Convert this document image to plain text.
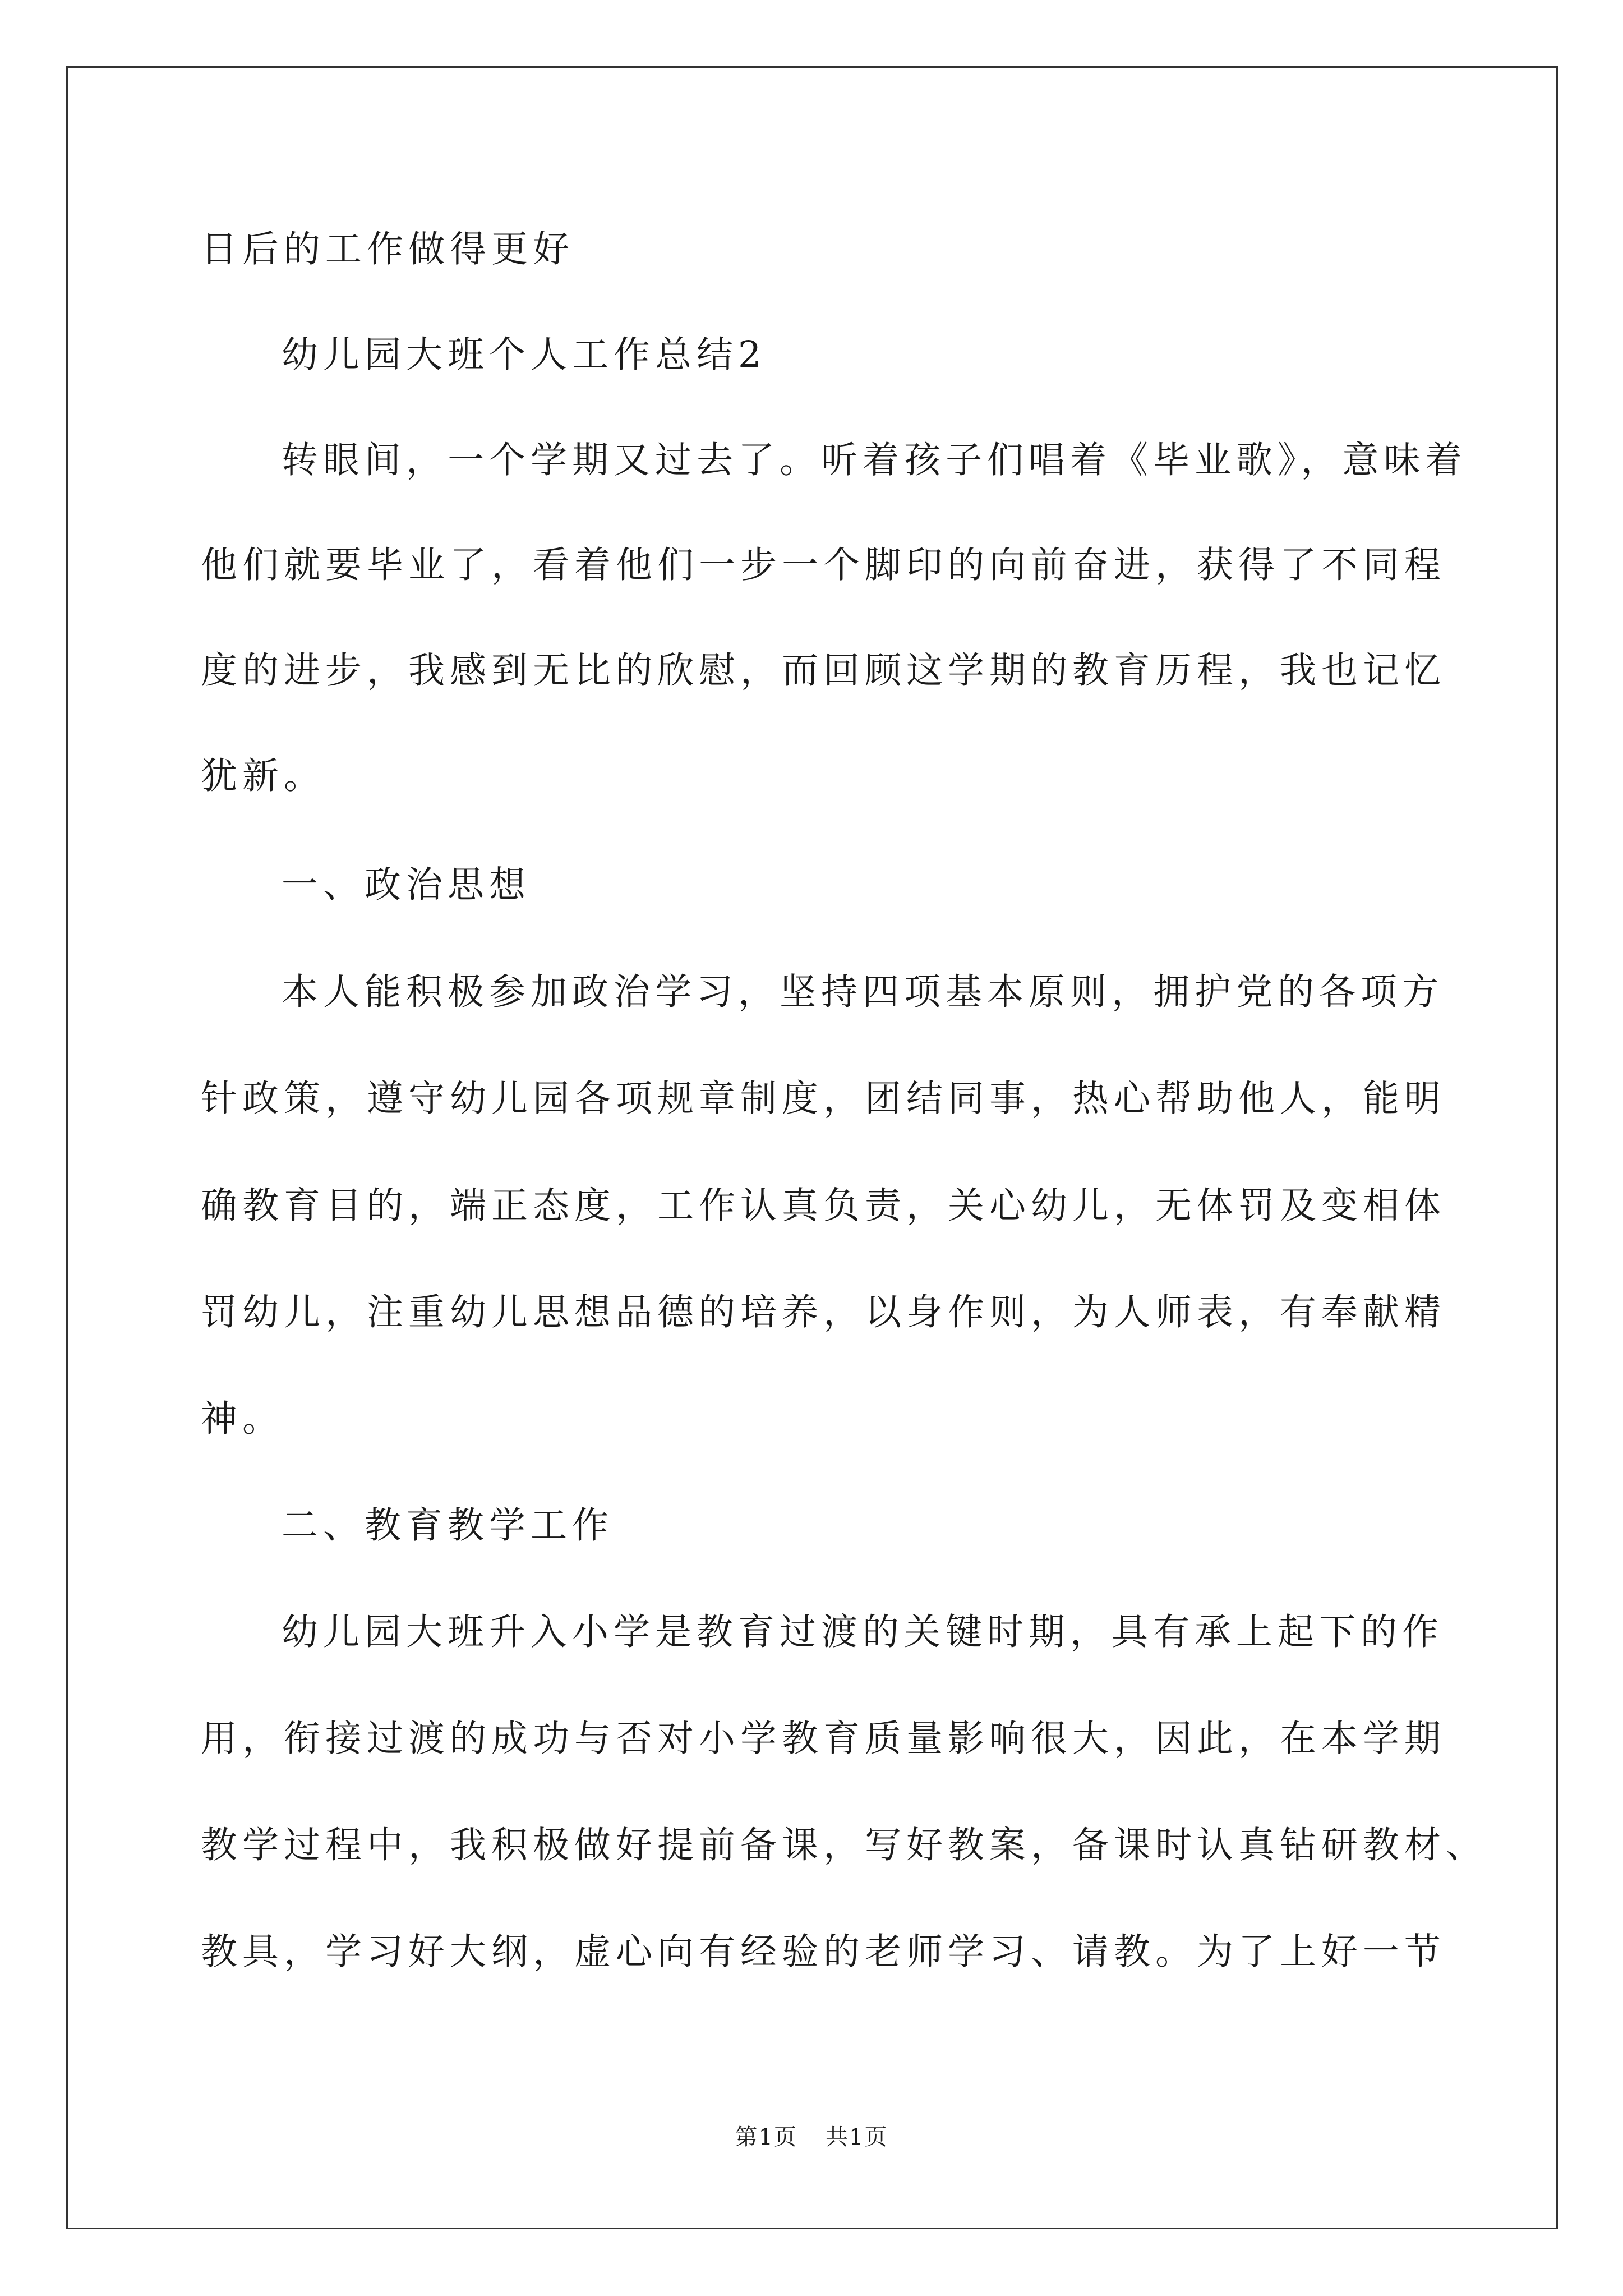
日后的工作做得更好

幼儿园大班个人工作总结2

转眼间，一个学期又过去了。听着孩子们唱着《毕业歌》，意味着

他们就要毕业了，看着他们一步一个脚印的向前奋进，获得了不同程

度的进步，我感到无比的欣慰，而回顾这学期的教育历程，我也记忆

犹新。

一、政治思想

本人能积极参加政治学习，坚持四项基本原则，拥护党的各项方

针政策，遵守幼儿园各项规章制度，团结同事，热心帮助他人，能明

确教育目的，端正态度，工作认真负责，关心幼儿，无体罚及变相体

罚幼儿，注重幼儿思想品德的培养，以身作则，为人师表，有奉献精

神。

二、教育教学工作

幼儿园大班升入小学是教育过渡的关键时期，具有承上起下的作

用，衔接过渡的成功与否对小学教育质量影响很大，因此，在本学期

教学过程中，我积极做好提前备课，写好教案，备课时认真钻研教材、

教具，学习好大纲，虚心向有经验的老师学习、请教。为了上好一节

第1页 共1页
